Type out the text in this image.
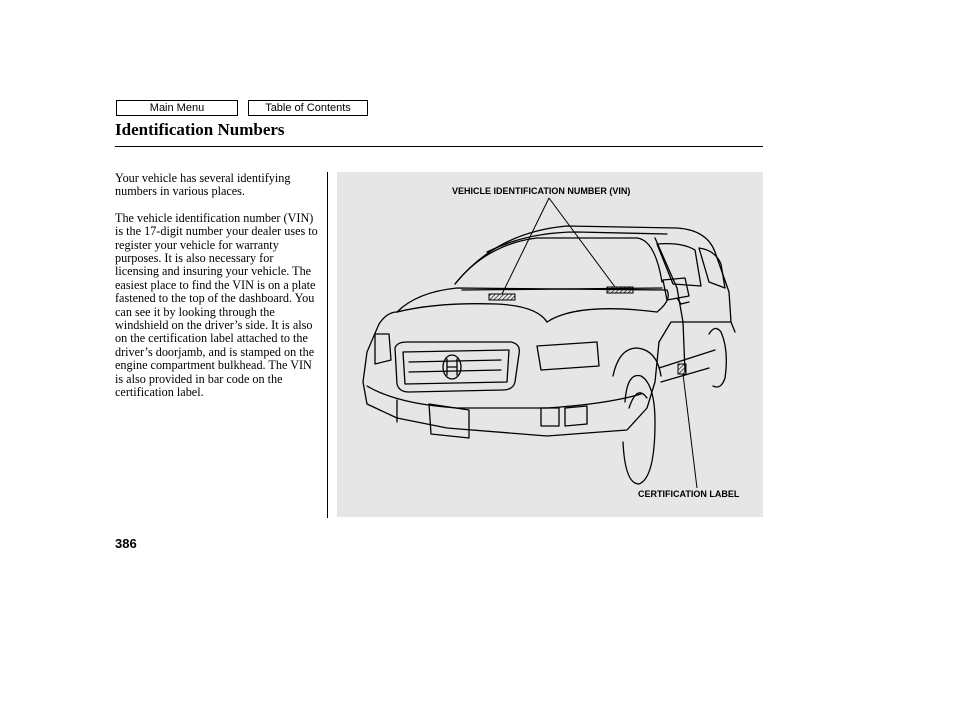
Main Menu	Table of Contents
Identification Numbers

Your vehicle has several identifying numbers in various places.

The vehicle identification number (VIN) is the 17-digit number your dealer uses to register your vehicle for warranty purposes. It is also necessary for licensing and insuring your vehicle. The easiest place to find the VIN is on a plate fastened to the top of the dashboard. You can see it by looking through the windshield on the driver’s side. It is also on the certification label attached to the driver’s doorjamb, and is stamped on the engine compartment bulkhead. The VIN is also provided in bar code on the certification label.

VEHICLE IDENTIFICATION NUMBER (VIN)
CERTIFICATION LABEL
386
